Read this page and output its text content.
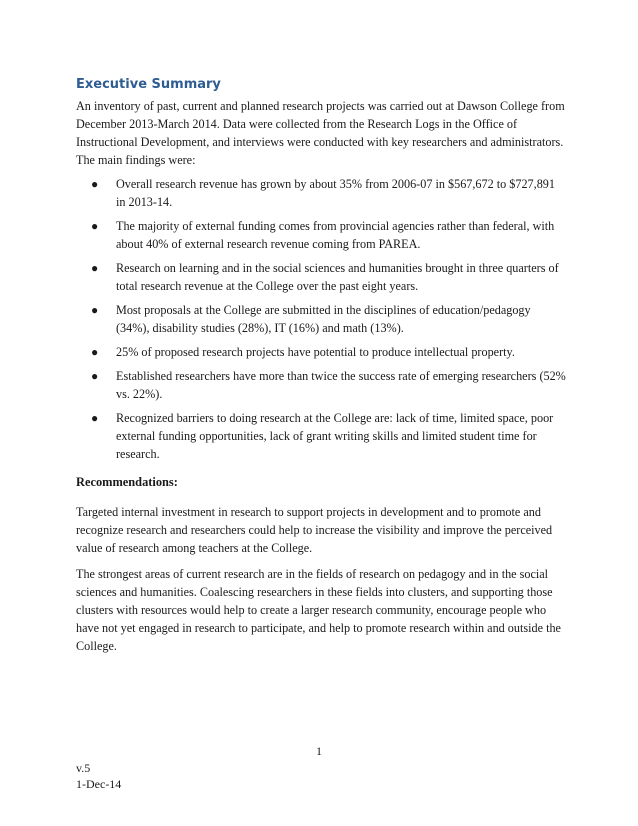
Executive Summary

An inventory of past, current and planned research projects was carried out at Dawson College from December 2013-March 2014. Data were collected from the Research Logs in the Office of Instructional Development, and interviews were conducted with key researchers and administrators. The main findings were:

● Overall research revenue has grown by about 35% from 2006-07 in $567,672 to $727,891 in 2013-14.
● The majority of external funding comes from provincial agencies rather than federal, with about 40% of external research revenue coming from PAREA.
● Research on learning and in the social sciences and humanities brought in three quarters of total research revenue at the College over the past eight years.
● Most proposals at the College are submitted in the disciplines of education/pedagogy (34%), disability studies (28%), IT (16%) and math (13%).
● 25% of proposed research projects have potential to produce intellectual property.
● Established researchers have more than twice the success rate of emerging researchers (52% vs. 22%).
● Recognized barriers to doing research at the College are: lack of time, limited space, poor external funding opportunities, lack of grant writing skills and limited student time for research.
Recommendations:

Targeted internal investment in research to support projects in development and to promote and recognize research and researchers could help to increase the visibility and improve the perceived value of research among teachers at the College.

The strongest areas of current research are in the fields of research on pedagogy and in the social sciences and humanities. Coalescing researchers in these fields into clusters, and supporting those clusters with resources would help to create a larger research community, encourage people who have not yet engaged in research to participate, and help to promote research within and outside the College.

1
v.5
1-Dec-14
